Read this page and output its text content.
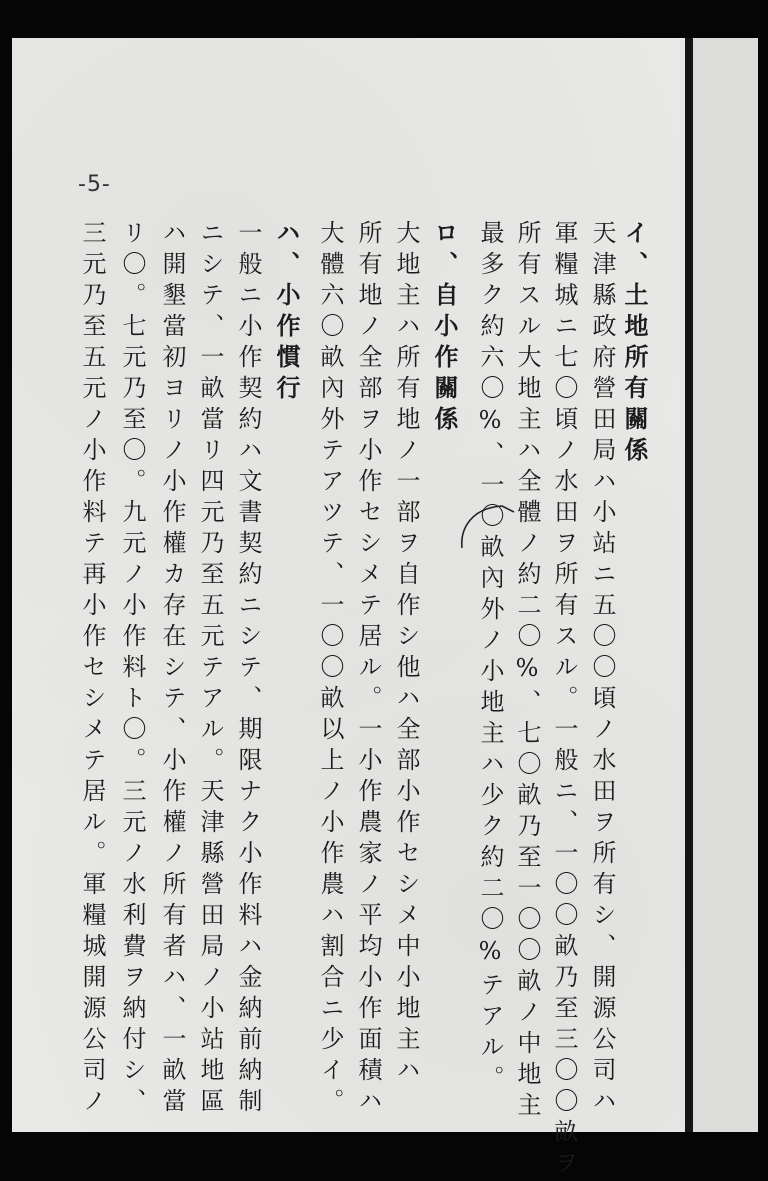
-5-
イ、土地所有關係
天津縣政府營田局ハ小站ニ五〇〇頃ノ水田ヲ所有シ、開源公司ハ
軍糧城ニ七〇頃ノ水田ヲ所有スル。一般ニ、一〇〇畝乃至三〇〇畝ヲ
所有スル大地主ハ全體ノ約二〇%、七〇畝乃至一〇〇畝ノ中地主
最多ク約六〇%、一〇畝內外ノ小地主ハ少ク約二〇%テアル。
ロ、自小作關係
大地主ハ所有地ノ一部ヲ自作シ他ハ全部小作セシメ中小地主ハ
所有地ノ全部ヲ小作セシメテ居ル。一小作農家ノ平均小作面積ハ
大體六〇畝內外テアツテ、一〇〇畝以上ノ小作農ハ割合ニ少イ。
ハ、小作慣行
一般ニ小作契約ハ文書契約ニシテ、期限ナク小作料ハ金納前納制
ニシテ、一畝當リ四元乃至五元テアル。天津縣營田局ノ小站地區
ハ開墾當初ヨリノ小作權カ存在シテ、小作權ノ所有者ハ、一畝當
リ〇。七元乃至〇。九元ノ小作料ト〇。三元ノ水利費ヲ納付シ、
三元乃至五元ノ小作料テ再小作セシメテ居ル。軍糧城開源公司ノ
